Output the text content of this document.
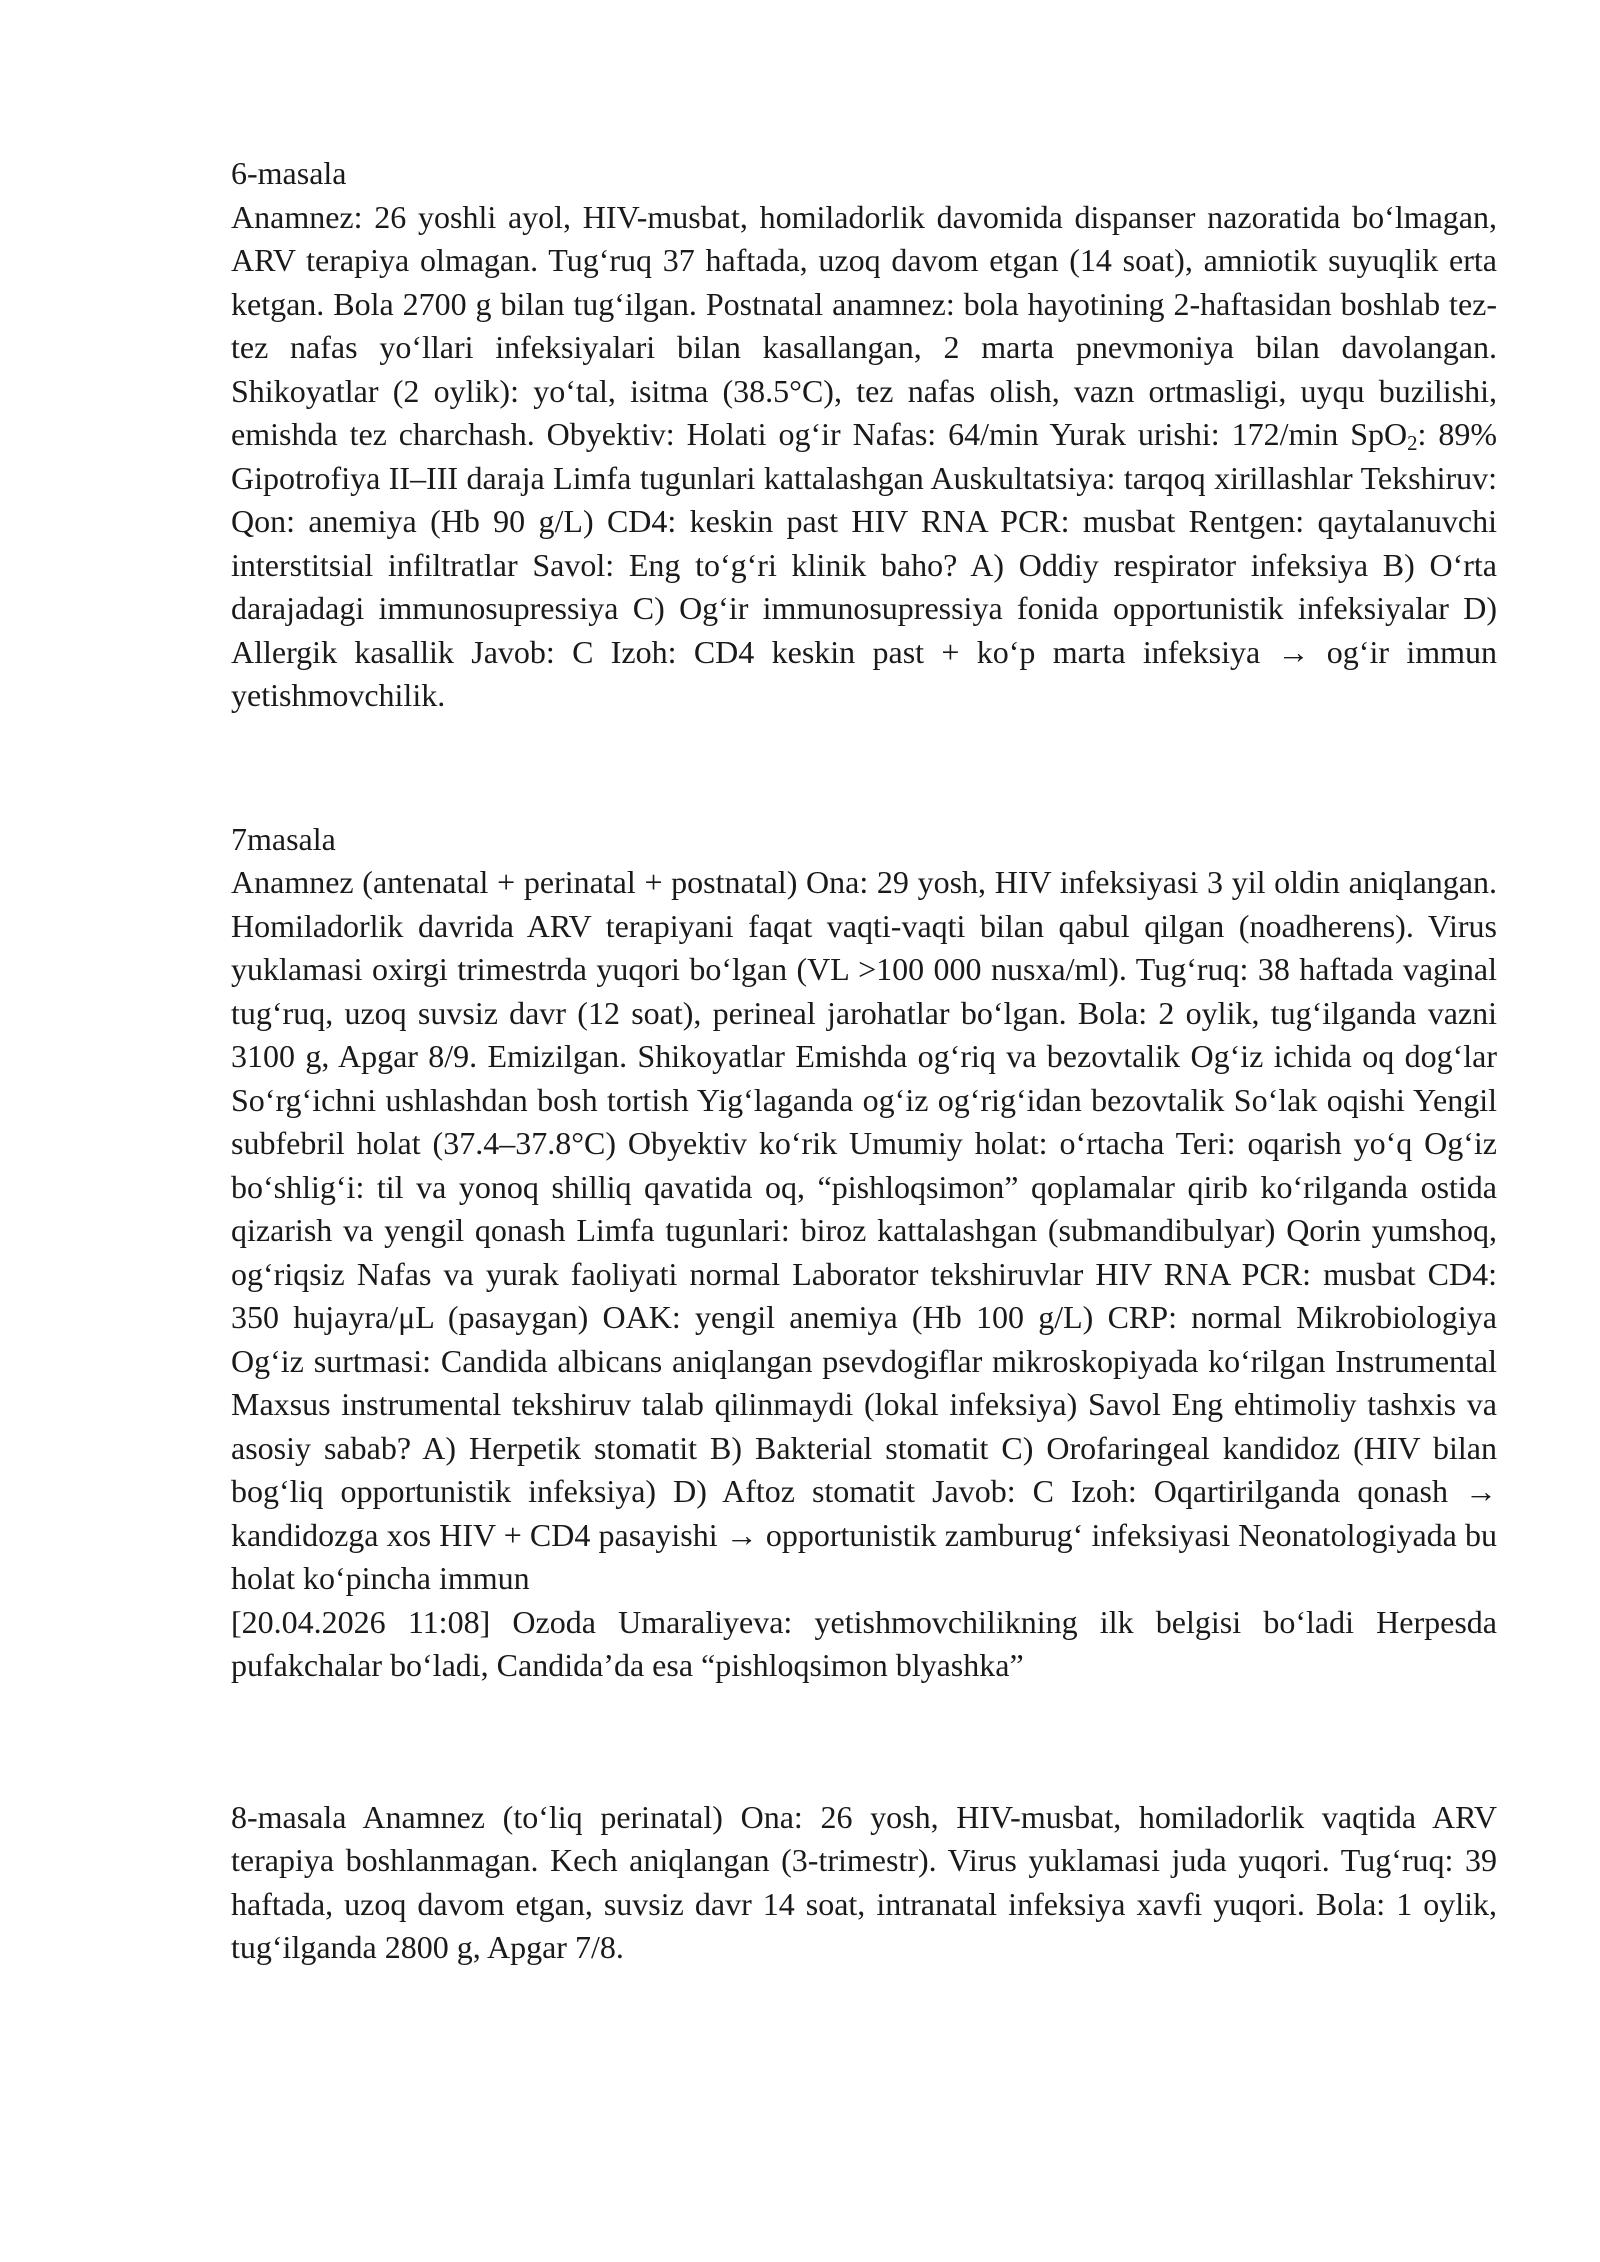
6-masala

Anamnez: 26 yoshli ayol, HIV-musbat, homiladorlik davomida dispanser nazoratida bo‘lmagan, ARV terapiya olmagan. Tug‘ruq 37 haftada, uzoq davom etgan (14 soat), amniotik suyuqlik erta ketgan. Bola 2700 g bilan tug‘ilgan. Postnatal anamnez: bola hayotining 2-haftasidan boshlab tez-tez nafas yo‘llari infeksiyalari bilan kasallangan, 2 marta pnevmoniya bilan davolangan. Shikoyatlar (2 oylik): yo‘tal, isitma (38.5°C), tez nafas olish, vazn ortmasligi, uyqu buzilishi, emishda tez charchash. Obyektiv: Holati og‘ir Nafas: 64/min Yurak urishi: 172/min SpO$_2$: 89% Gipotrofiya II–III daraja Limfa tugunlari kattalashgan Auskultatsiya: tarqoq xirillashlar Tekshiruv: Qon: anemiya (Hb 90 g/L) CD4: keskin past HIV RNA PCR: musbat Rentgen: qaytalanuvchi interstitsial infiltratlar Savol: Eng to‘g‘ri klinik baho? A) Oddiy respirator infeksiya B) O‘rta darajadagi immunosupressiya C) Og‘ir immunosupressiya fonida opportunistik infeksiyalar D) Allergik kasallik Javob: C Izoh: CD4 keskin past + ko‘p marta infeksiya → og‘ir immun yetishmovchilik.

7masala

Anamnez (antenatal + perinatal + postnatal) Ona: 29 yosh, HIV infeksiyasi 3 yil oldin aniqlangan. Homiladorlik davrida ARV terapiyani faqat vaqti-vaqti bilan qabul qilgan (noadherens). Virus yuklamasi oxirgi trimestrda yuqori bo‘lgan (VL >100 000 nusxa/ml). Tug‘ruq: 38 haftada vaginal tug‘ruq, uzoq suvsiz davr (12 soat), perineal jarohatlar bo‘lgan. Bola: 2 oylik, tug‘ilganda vazni 3100 g, Apgar 8/9. Emizilgan. Shikoyatlar Emishda og‘riq va bezovtalik Og‘iz ichida oq dog‘lar So‘rg‘ichni ushlashdan bosh tortish Yig‘laganda og‘iz og‘rig‘idan bezovtalik So‘lak oqishi Yengil subfebril holat (37.4–37.8°C) Obyektiv ko‘rik Umumiy holat: o‘rtacha Teri: oqarish yo‘q Og‘iz bo‘shlig‘i: til va yonoq shilliq qavatida oq, “pishloqsimon” qoplamalar qirib ko‘rilganda ostida qizarish va yengil qonash Limfa tugunlari: biroz kattalashgan (submandibulyar) Qorin yumshoq, og‘riqsiz Nafas va yurak faoliyati normal Laborator tekshiruvlar HIV RNA PCR: musbat CD4: 350 hujayra/μL (pasaygan) OAK: yengil anemiya (Hb 100 g/L) CRP: normal Mikrobiologiya Og‘iz surtmasi: Candida albicans aniqlangan psevdogiflar mikroskopiyada ko‘rilgan Instrumental Maxsus instrumental tekshiruv talab qilinmaydi (lokal infeksiya) Savol Eng ehtimoliy tashxis va asosiy sabab? A) Herpetik stomatit B) Bakterial stomatit C) Orofaringeal kandidoz (HIV bilan bog‘liq opportunistik infeksiya) D) Aftoz stomatit Javob: C Izoh: Oqartirilganda qonash → kandidozga xos HIV + CD4 pasayishi → opportunistik zamburug‘ infeksiyasi Neonatologiyada bu holat ko‘pincha immun

[20.04.2026 11:08] Ozoda Umaraliyeva: yetishmovchilikning ilk belgisi bo‘ladi Herpesda pufakchalar bo‘ladi, Candida’da esa “pishloqsimon blyashka”

8-masala Anamnez (to‘liq perinatal) Ona: 26 yosh, HIV-musbat, homiladorlik vaqtida ARV terapiya boshlanmagan. Kech aniqlangan (3-trimestr). Virus yuklamasi juda yuqori. Tug‘ruq: 39 haftada, uzoq davom etgan, suvsiz davr 14 soat, intranatal infeksiya xavfi yuqori. Bola: 1 oylik, tug‘ilganda 2800 g, Apgar 7/8.
